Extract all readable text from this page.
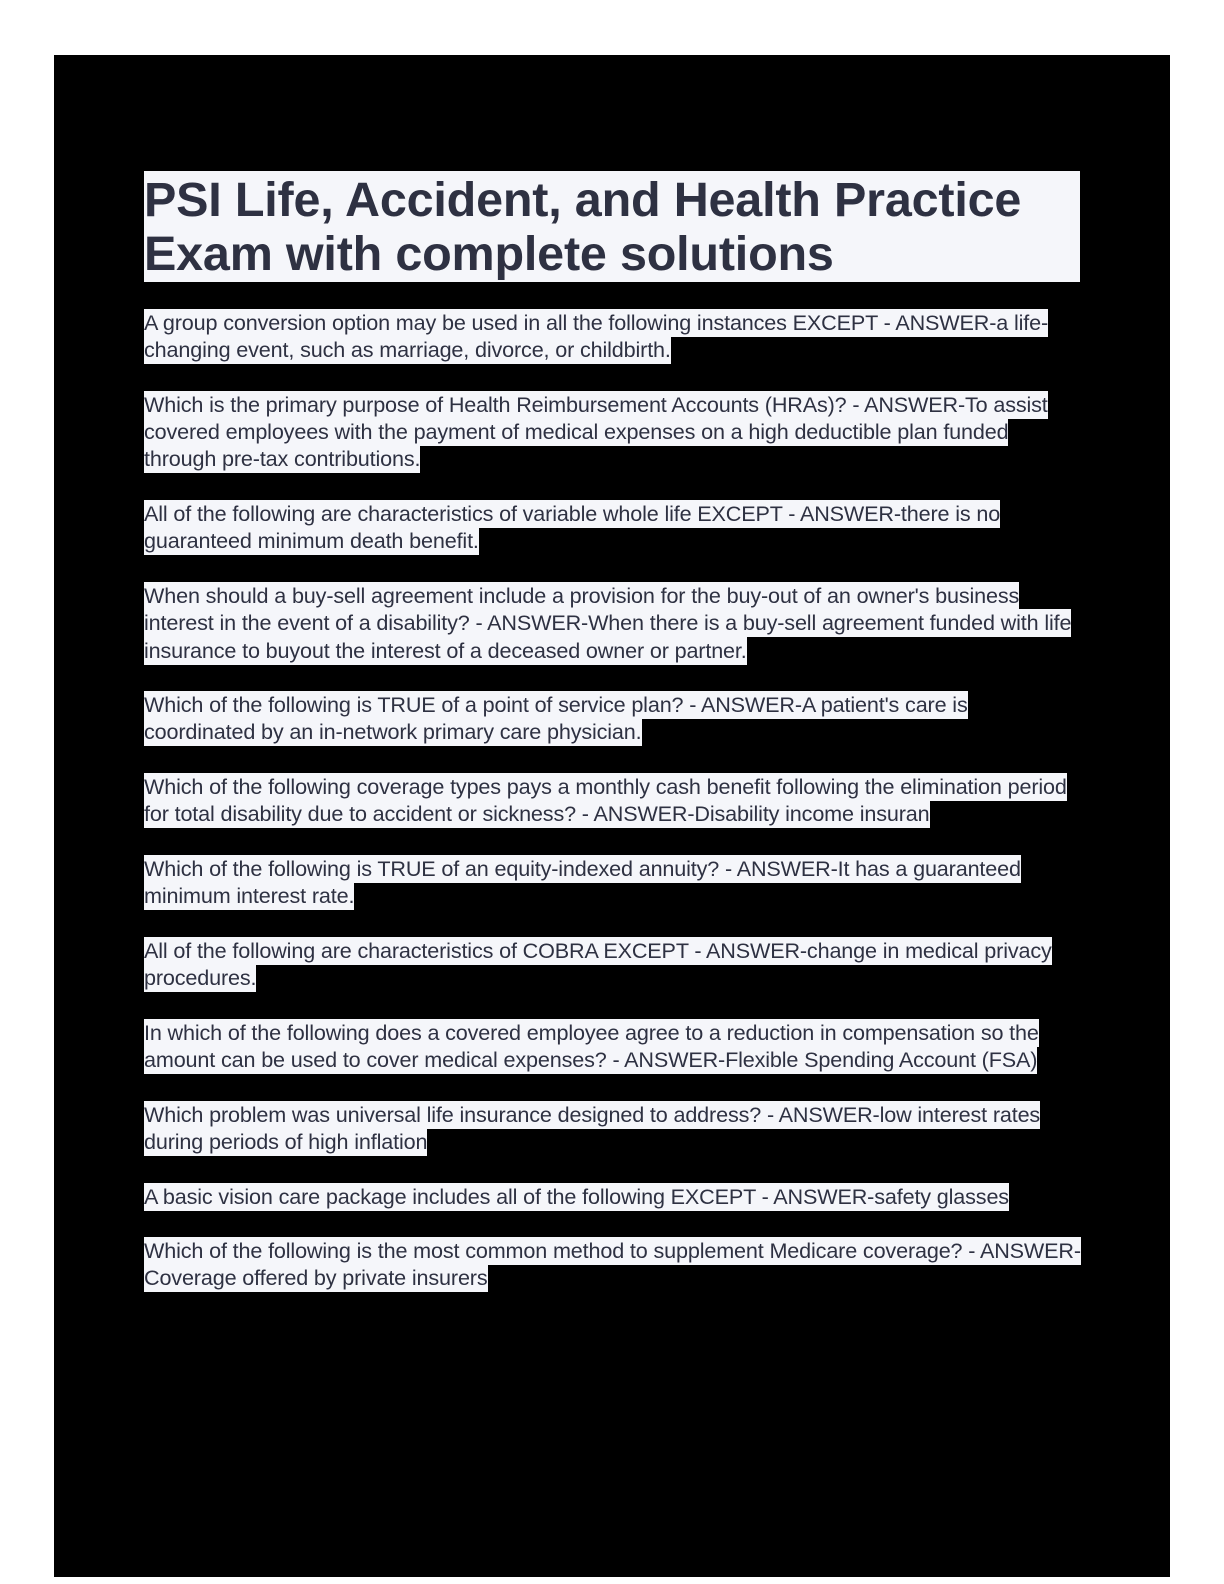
PSI Life, Accident, and Health Practice
Exam with complete solutions

A group conversion option may be used in all the following instances EXCEPT - ANSWER-a life-changing event, such as marriage, divorce, or childbirth.

Which is the primary purpose of Health Reimbursement Accounts (HRAs)? - ANSWER-To assist covered employees with the payment of medical expenses on a high deductible plan funded through pre-tax contributions.

All of the following are characteristics of variable whole life EXCEPT - ANSWER-there is no guaranteed minimum death benefit.

When should a buy-sell agreement include a provision for the buy-out of an owner's business interest in the event of a disability? - ANSWER-When there is a buy-sell agreement funded with life insurance to buyout the interest of a deceased owner or partner.

Which of the following is TRUE of a point of service plan? - ANSWER-A patient's care is coordinated by an in-network primary care physician.

Which of the following coverage types pays a monthly cash benefit following the elimination period for total disability due to accident or sickness? - ANSWER-Disability income insuran

Which of the following is TRUE of an equity-indexed annuity? - ANSWER-It has a guaranteed minimum interest rate.

All of the following are characteristics of COBRA EXCEPT - ANSWER-change in medical privacy procedures.

In which of the following does a covered employee agree to a reduction in compensation so the amount can be used to cover medical expenses? - ANSWER-Flexible Spending Account (FSA)

Which problem was universal life insurance designed to address? - ANSWER-low interest rates during periods of high inflation

A basic vision care package includes all of the following EXCEPT - ANSWER-safety glasses

Which of the following is the most common method to supplement Medicare coverage? - ANSWER-Coverage offered by private insurers
